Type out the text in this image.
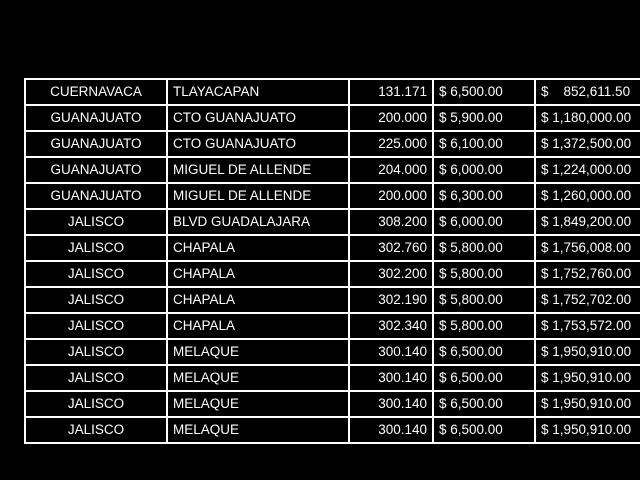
CUERNAVACA	TLAYACAPAN	131.171	$ 6,500.00	$    852,611.50
GUANAJUATO	CTO GUANAJUATO	200.000	$ 5,900.00	$ 1,180,000.00
GUANAJUATO	CTO GUANAJUATO	225.000	$ 6,100.00	$ 1,372,500.00
GUANAJUATO	MIGUEL DE ALLENDE	204.000	$ 6,000.00	$ 1,224,000.00
GUANAJUATO	MIGUEL DE ALLENDE	200.000	$ 6,300.00	$ 1,260,000.00
JALISCO	BLVD GUADALAJARA	308.200	$ 6,000.00	$ 1,849,200.00
JALISCO	CHAPALA	302.760	$ 5,800.00	$ 1,756,008.00
JALISCO	CHAPALA	302.200	$ 5,800.00	$ 1,752,760.00
JALISCO	CHAPALA	302.190	$ 5,800.00	$ 1,752,702.00
JALISCO	CHAPALA	302.340	$ 5,800.00	$ 1,753,572.00
JALISCO	MELAQUE	300.140	$ 6,500.00	$ 1,950,910.00
JALISCO	MELAQUE	300.140	$ 6,500.00	$ 1,950,910.00
JALISCO	MELAQUE	300.140	$ 6,500.00	$ 1,950,910.00
JALISCO	MELAQUE	300.140	$ 6,500.00	$ 1,950,910.00
